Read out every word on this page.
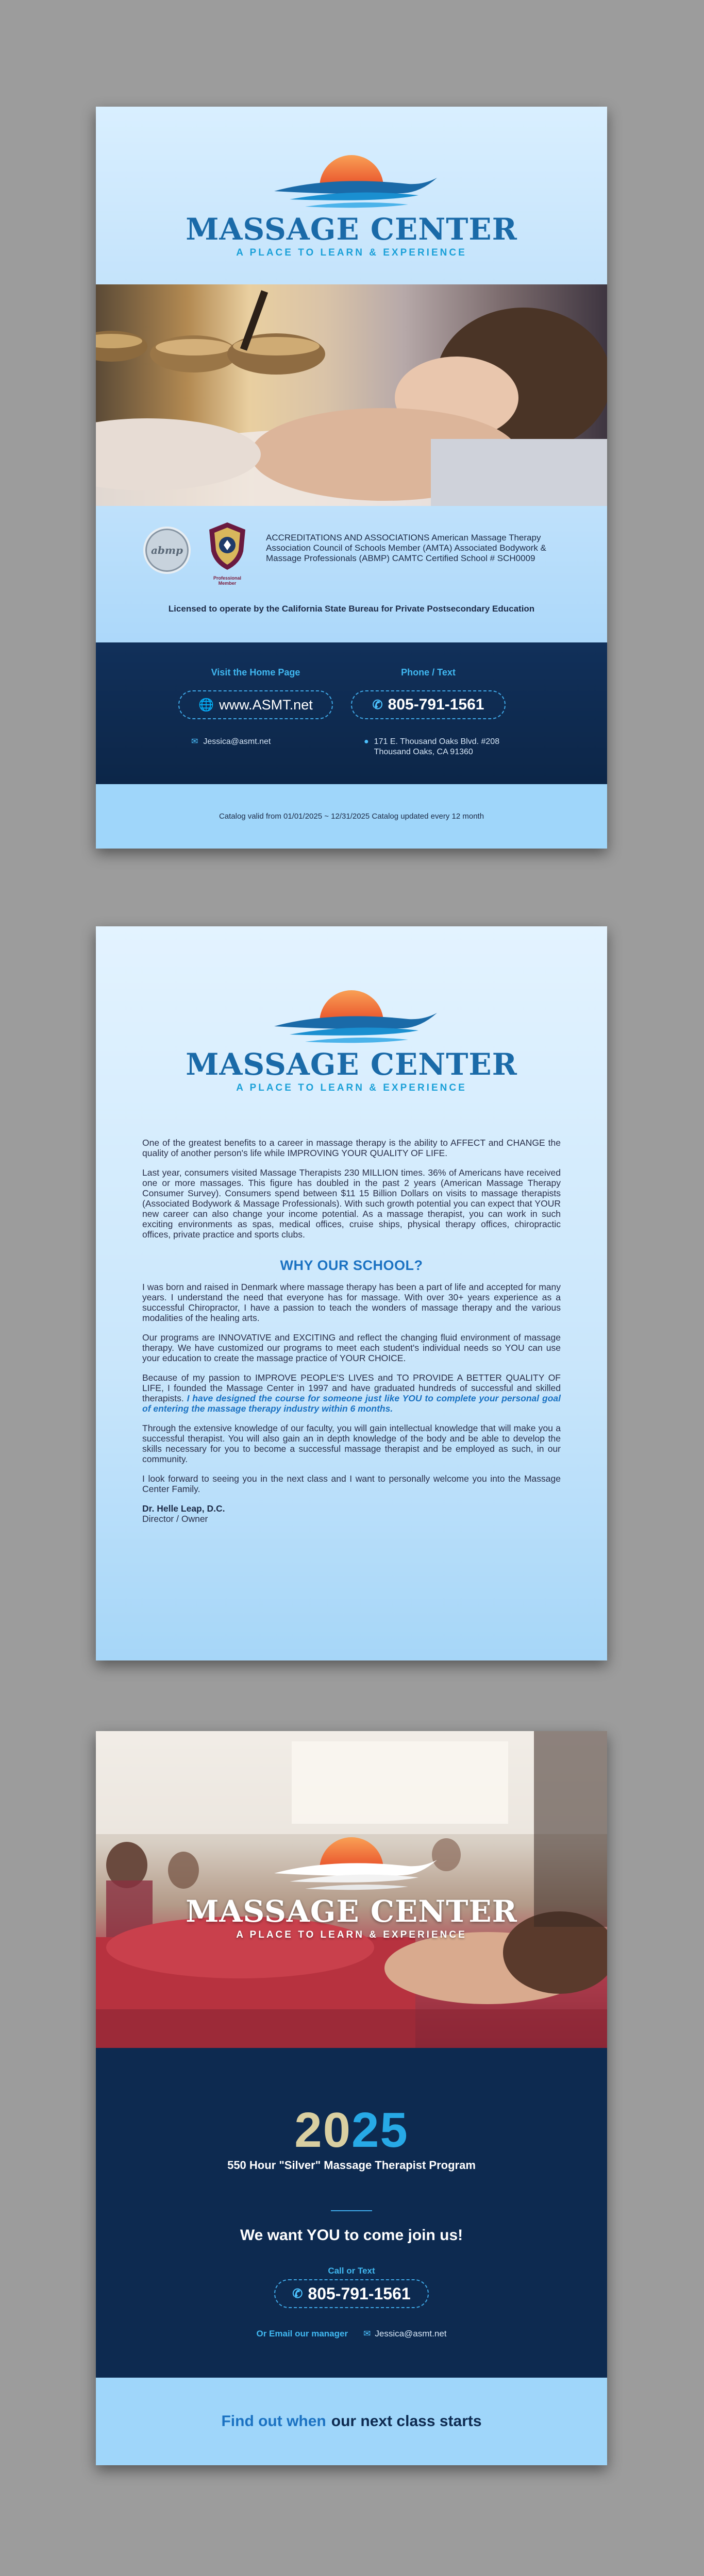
MASSAGE CENTER
A PLACE TO LEARN & EXPERIENCE
abmp
Professional Member
ACCREDITATIONS AND ASSOCIATIONS American Massage Therapy Association Council of Schools Member (AMTA) Associated Bodywork & Massage Professionals (ABMP) CAMTC Certified School # SCH0009
Licensed to operate by the California State Bureau for Private Postsecondary Education
Visit the Home Page	Phone / Text
🌐 www.ASMT.net	✆ 805-791-1561
✉ Jessica@asmt.net	● 171 E. Thousand Oaks Blvd. #208
Thousand Oaks, CA 91360
Catalog valid from 01/01/2025 ~ 12/31/2025 Catalog updated every 12 month
MASSAGE CENTER
A PLACE TO LEARN & EXPERIENCE

One of the greatest benefits to a career in massage therapy is the ability to AFFECT and CHANGE the quality of another person's life while IMPROVING YOUR QUALITY OF LIFE.

Last year, consumers visited Massage Therapists 230 MILLION times. 36% of Americans have received one or more massages. This figure has doubled in the past 2 years (American Massage Therapy Consumer Survey). Consumers spend between $11 15 Billion Dollars on visits to massage therapists (Associated Bodywork & Massage Professionals). With such growth potential you can expect that YOUR new career can also change your income potential. As a massage therapist, you can work in such exciting environments as spas, medical offices, cruise ships, physical therapy offices, chiropractic offices, private practice and sports clubs.

WHY OUR SCHOOL?

I was born and raised in Denmark where massage therapy has been a part of life and accepted for many years. I understand the need that everyone has for massage. With over 30+ years experience as a successful Chiropractor, I have a passion to teach the wonders of massage therapy and the various modalities of the healing arts.

Our programs are INNOVATIVE and EXCITING and reflect the changing fluid environment of massage therapy. We have customized our programs to meet each student's individual needs so YOU can use your education to create the massage practice of YOUR CHOICE.

Because of my passion to IMPROVE PEOPLE'S LIVES and TO PROVIDE A BETTER QUALITY OF LIFE, I founded the Massage Center in 1997 and have graduated hundreds of successful and skilled therapists. I have designed the course for someone just like YOU to complete your personal goal of entering the massage therapy industry within 6 months.

Through the extensive knowledge of our faculty, you will gain intellectual knowledge that will make you a successful therapist. You will also gain an in depth knowledge of the body and be able to develop the skills necessary for you to become a successful massage therapist and be employed as such, in our community.

I look forward to seeing you in the next class and I want to personally welcome you into the Massage Center Family.

Dr. Helle Leap, D.C.
Director / Owner
MASSAGE CENTER
A PLACE TO LEARN & EXPERIENCE
2025
550 Hour "Silver" Massage Therapist Program
We want YOU to come join us!
Call or Text
✆ 805-791-1561
Or Email our manager ✉ Jessica@asmt.net
Find out when our next class starts
